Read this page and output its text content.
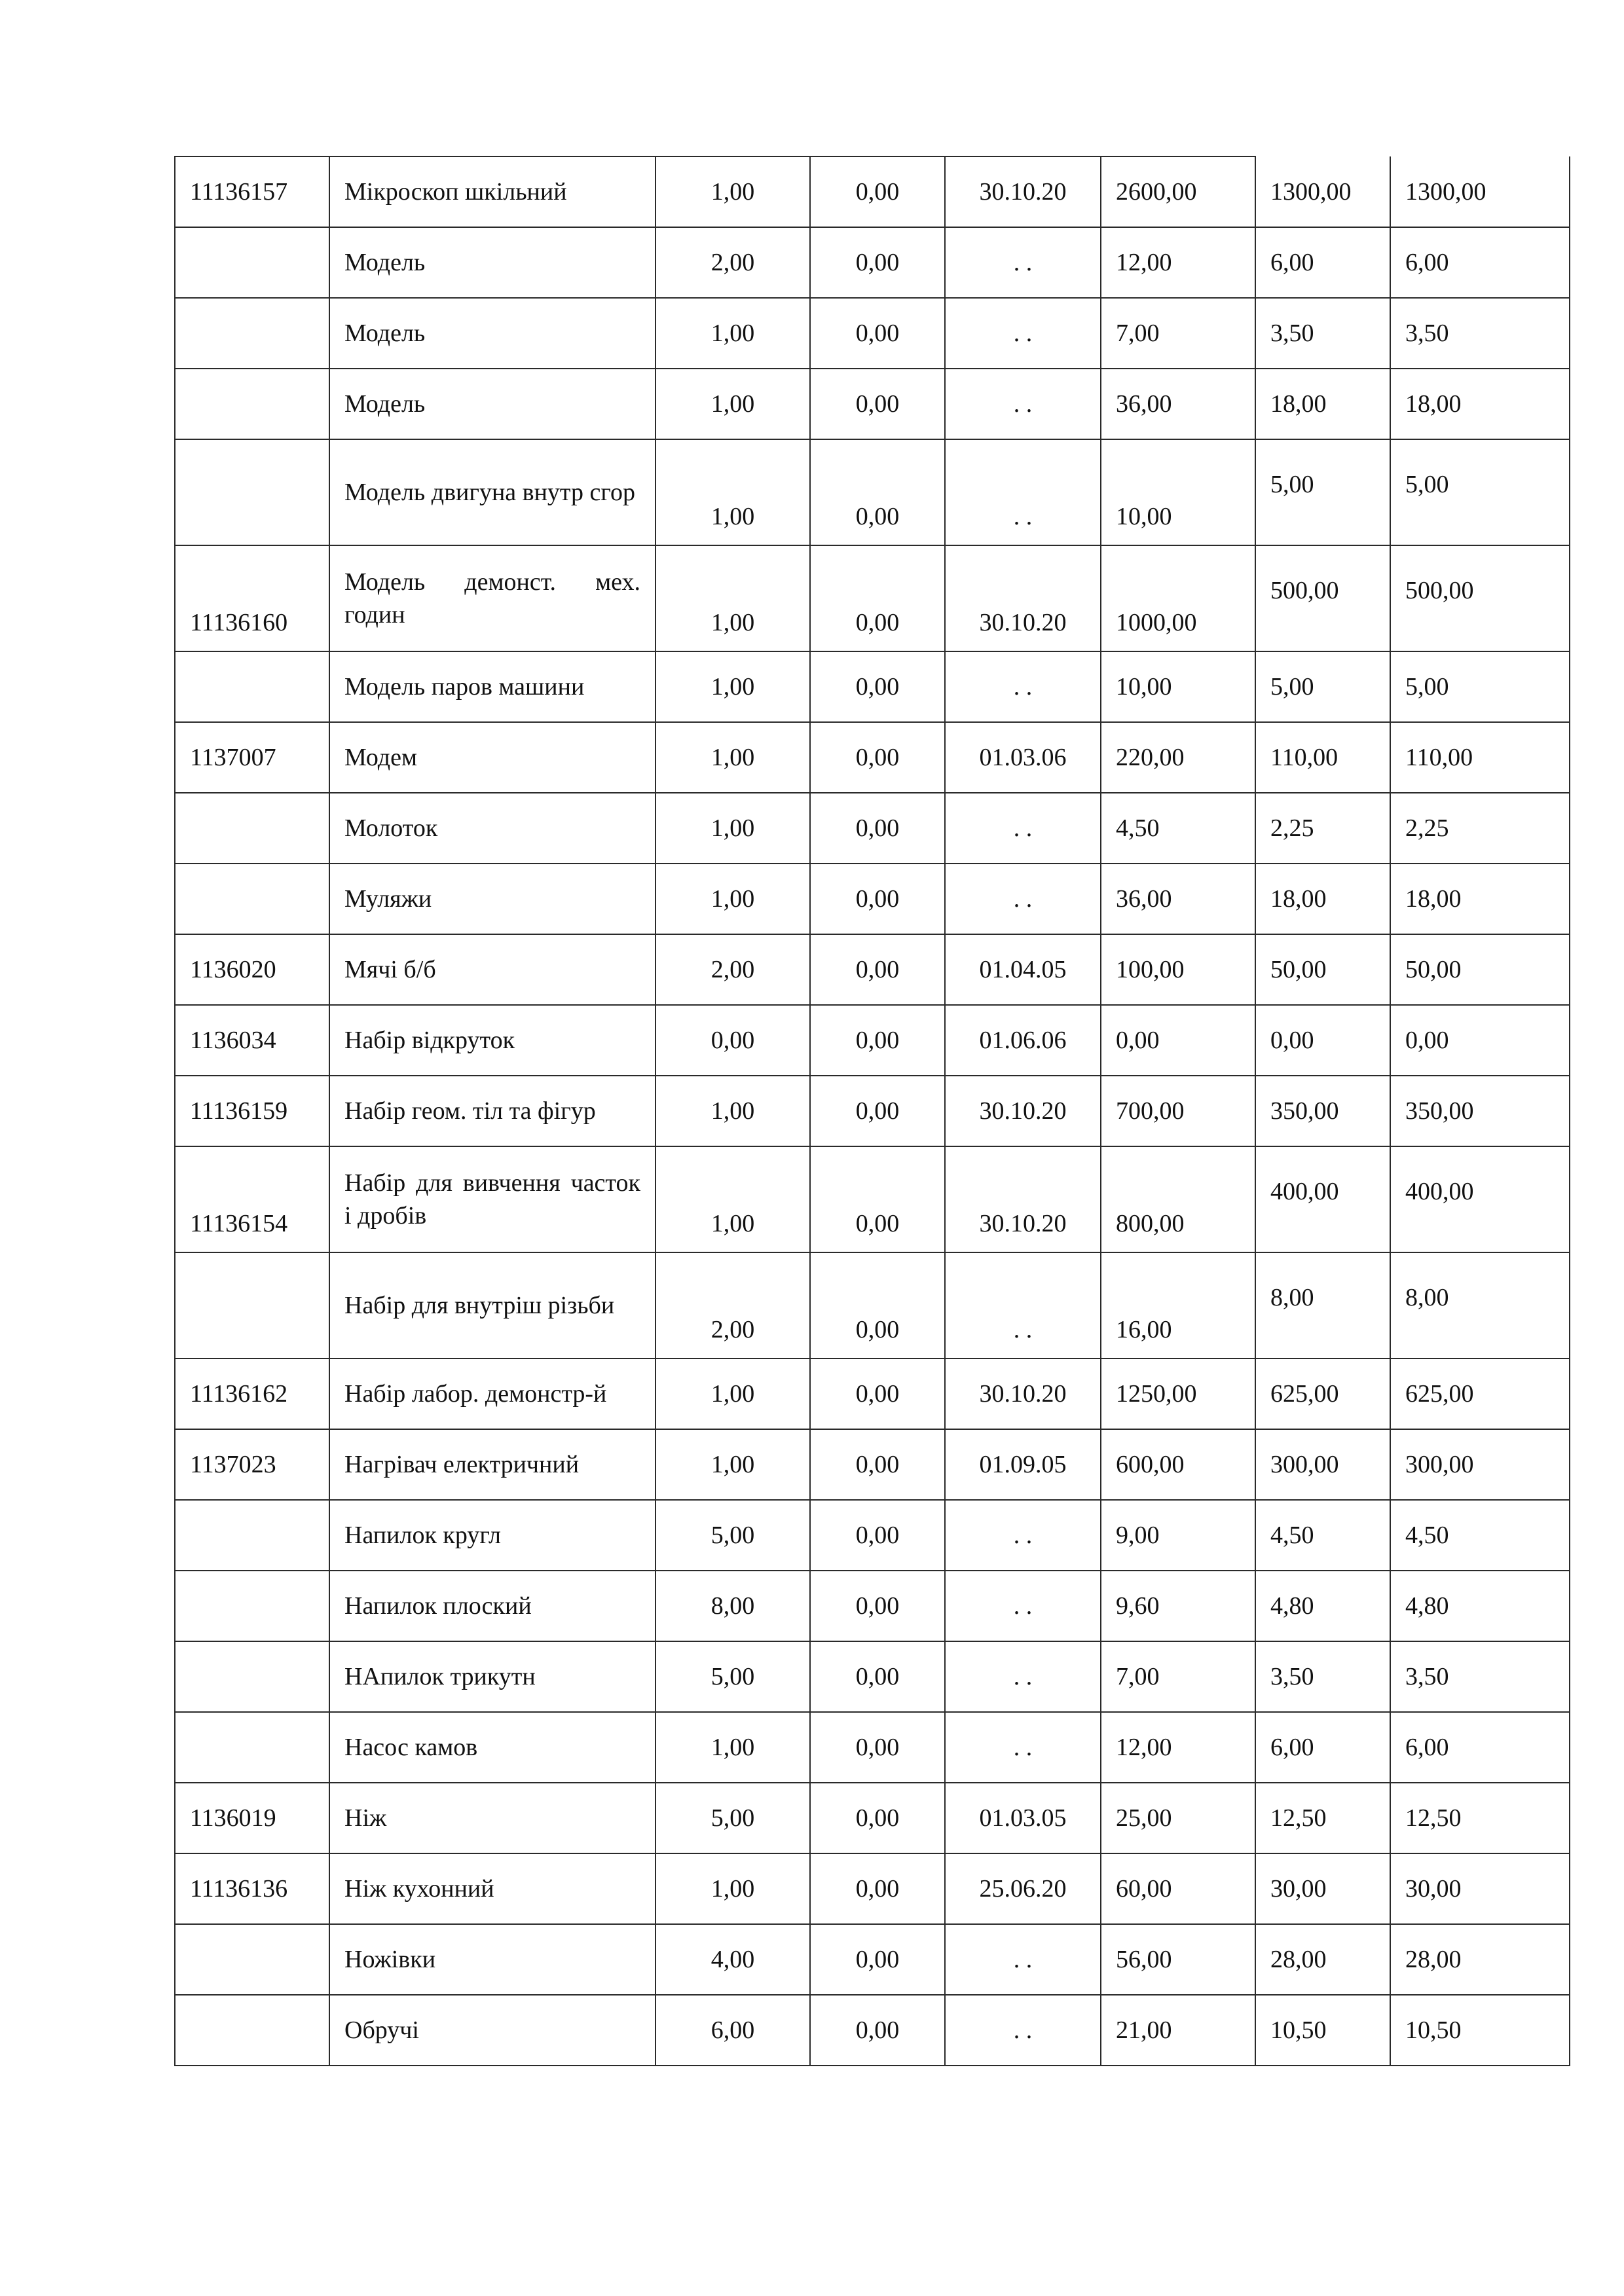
11136157	Мікроскоп шкільний	1,00	0,00	30.10.20	2600,00	1300,00	1300,00
	Модель	2,00	0,00	. .	12,00	6,00	6,00
	Модель	1,00	0,00	. .	7,00	3,50	3,50
	Модель	1,00	0,00	. .	36,00	18,00	18,00
	Модель двигуна внутр сгор	1,00	0,00	. .	10,00	5,00	5,00
11136160	Модель демонст. мех. годин	1,00	0,00	30.10.20	1000,00	500,00	500,00
	Модель паров машини	1,00	0,00	. .	10,00	5,00	5,00
1137007	Модем	1,00	0,00	01.03.06	220,00	110,00	110,00
	Молоток	1,00	0,00	. .	4,50	2,25	2,25
	Муляжи	1,00	0,00	. .	36,00	18,00	18,00
1136020	Мячі б/б	2,00	0,00	01.04.05	100,00	50,00	50,00
1136034	Набір відкруток	0,00	0,00	01.06.06	0,00	0,00	0,00
11136159	Набір геом. тіл та фігур	1,00	0,00	30.10.20	700,00	350,00	350,00
11136154	Набір для вивчення часток і дробів	1,00	0,00	30.10.20	800,00	400,00	400,00
	Набір для внутріш різьби	2,00	0,00	. .	16,00	8,00	8,00
11136162	Набір лабор. демонстр-й	1,00	0,00	30.10.20	1250,00	625,00	625,00
1137023	Нагрівач електричний	1,00	0,00	01.09.05	600,00	300,00	300,00
	Напилок кругл	5,00	0,00	. .	9,00	4,50	4,50
	Напилок плоский	8,00	0,00	. .	9,60	4,80	4,80
	НАпилок трикутн	5,00	0,00	. .	7,00	3,50	3,50
	Насос камов	1,00	0,00	. .	12,00	6,00	6,00
1136019	Ніж	5,00	0,00	01.03.05	25,00	12,50	12,50
11136136	Ніж кухонний	1,00	0,00	25.06.20	60,00	30,00	30,00
	Ножівки	4,00	0,00	. .	56,00	28,00	28,00
	Обручі	6,00	0,00	. .	21,00	10,50	10,50
